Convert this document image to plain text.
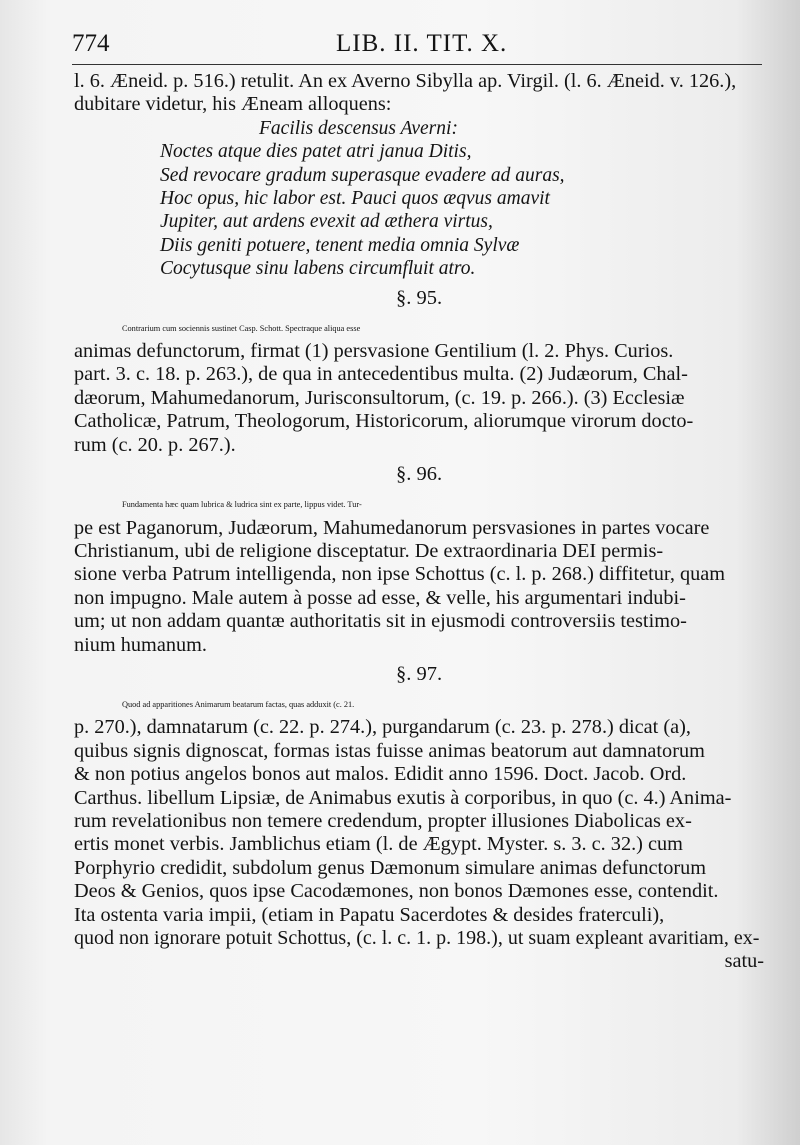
774	LIB. II. TIT. X.
l. 6. Æneid. p. 516.) retulit. An ex Averno Sibylla ap. Virgil. (l. 6. Æneid. v. 126.),
dubitare videtur, his Æneam alloquens:
Facilis descensus Averni:
Noctes atque dies patet atri janua Ditis,
Sed revocare gradum superasque evadere ad auras,
Hoc opus, hic labor est. Pauci quos æqvus amavit
Jupiter, aut ardens evexit ad æthera virtus,
Diis geniti potuere, tenent media omnia Sylvæ
Cocytusque sinu labens circumfluit atro.
§. 95.
Contrarium cum sociennis sustinet Casp. Schott. Spectraque aliqua esse
animas defunctorum, firmat (1) persvasione Gentilium (l. 2. Phys. Curios.
part. 3. c. 18. p. 263.), de qua in antecedentibus multa. (2) Judæorum, Chal-
dæorum, Mahumedanorum, Jurisconsultorum, (c. 19. p. 266.). (3) Ecclesiæ
Catholicæ, Patrum, Theologorum, Historicorum, aliorumque virorum docto-
rum (c. 20. p. 267.).
§. 96.
Fundamenta hæc quam lubrica & ludrica sint ex parte, lippus videt. Tur-
pe est Paganorum, Judæorum, Mahumedanorum persvasiones in partes vocare
Christianum, ubi de religione disceptatur. De extraordinaria DEI permis-
sione verba Patrum intelligenda, non ipse Schottus (c. l. p. 268.) diffitetur, quam
non impugno. Male autem à posse ad esse, & velle, his argumentari indubi-
um; ut non addam quantæ authoritatis sit in ejusmodi controversiis testimo-
nium humanum.
§. 97.
Quod ad apparitiones Animarum beatarum factas, quas adduxit (c. 21.
p. 270.), damnatarum (c. 22. p. 274.), purgandarum (c. 23. p. 278.) dicat (a),
quibus signis dignoscat, formas istas fuisse animas beatorum aut damnatorum
& non potius angelos bonos aut malos. Edidit anno 1596. Doct. Jacob. Ord.
Carthus. libellum Lipsiæ, de Animabus exutis à corporibus, in quo (c. 4.) Anima-
rum revelationibus non temere credendum, propter illusiones Diabolicas ex-
ertis monet verbis. Jamblichus etiam (l. de Ægypt. Myster. s. 3. c. 32.) cum
Porphyrio credidit, subdolum genus Dæmonum simulare animas defunctorum
Deos & Genios, quos ipse Cacodæmones, non bonos Dæmones esse, contendit.
Ita ostenta varia impii, (etiam in Papatu Sacerdotes & desides fraterculi),
quod non ignorare potuit Schottus, (c. l. c. 1. p. 198.), ut suam expleant avaritiam, ex-
satu-
